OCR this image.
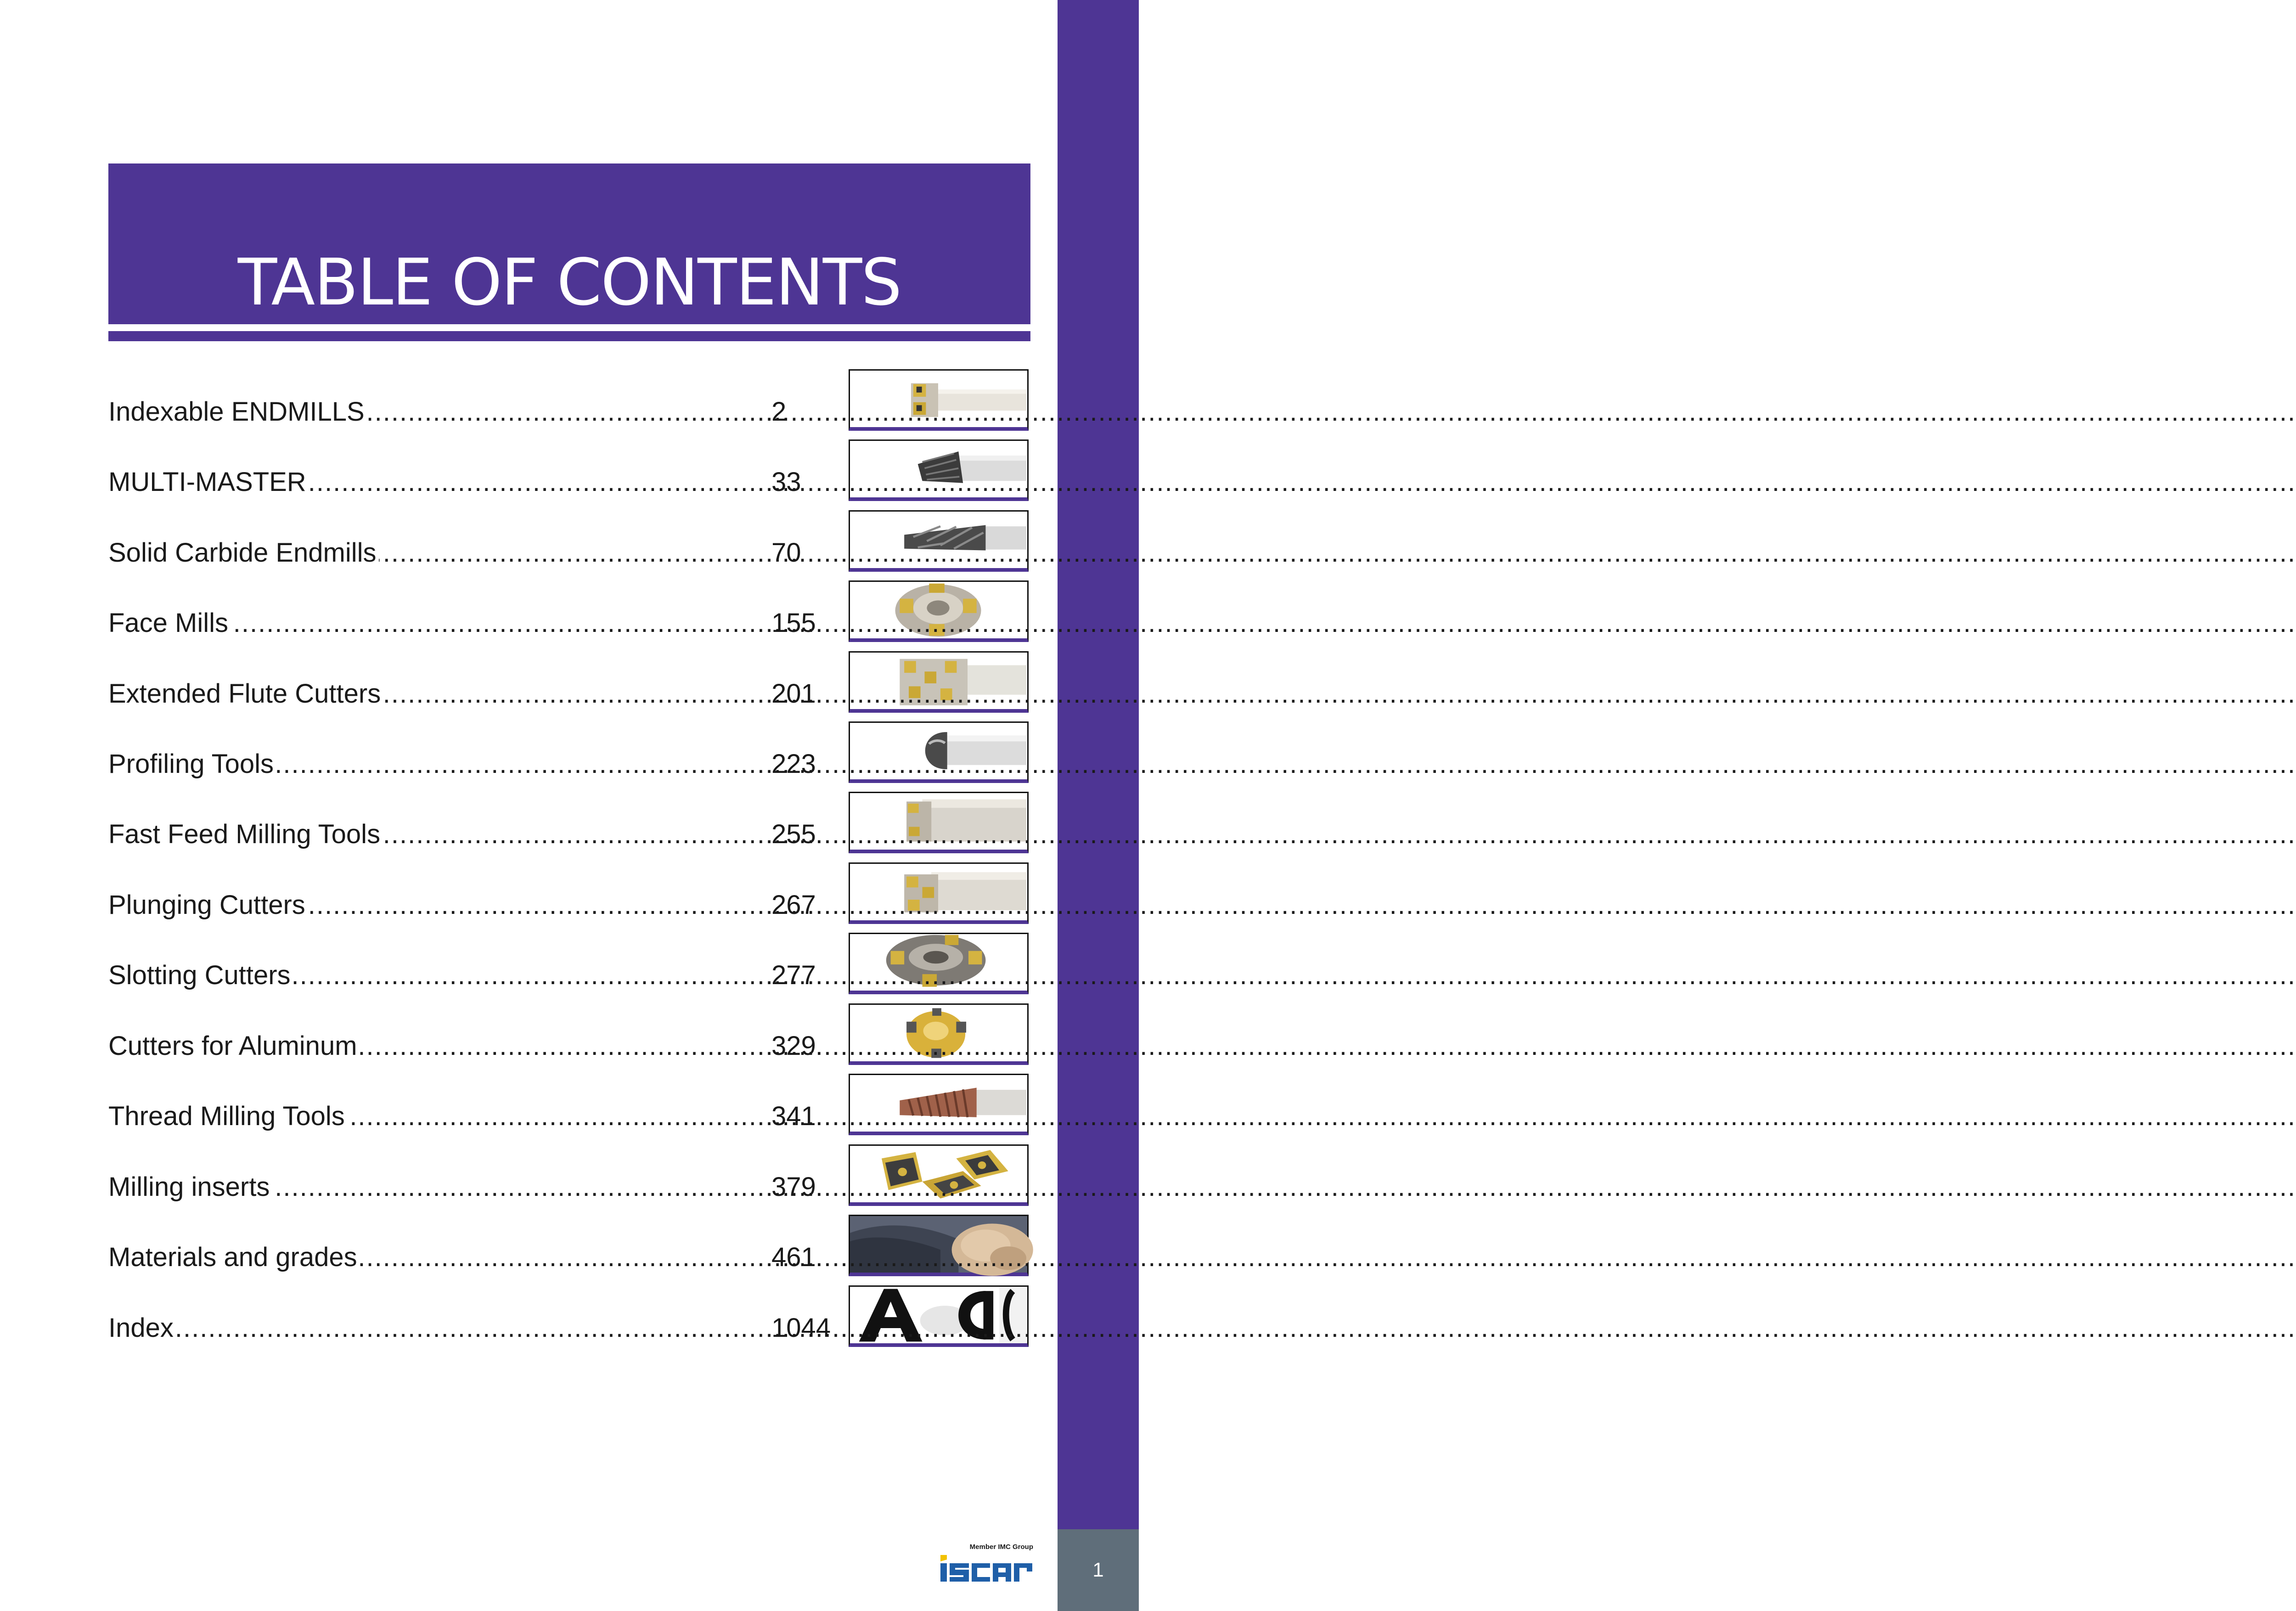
MILLING TOOLS
1
TABLE OF CONTENTS
.....
Indexable ENDMILLS	2
.....
MULTI-MASTER	33
.....
Solid Carbide Endmills	70
.....
Face Mills	155
.....
Extended Flute Cutters	201
.....
Profiling Tools	223
.....
Fast Feed Milling Tools	255
.....
Plunging Cutters	267
.....
Slotting Cutters	277
.....
Cutters for Aluminum	329
.....
Thread Milling Tools	341
.....
Milling inserts	379
.....
Materials and grades	461
.....
Index	1044
Member IMC Group
